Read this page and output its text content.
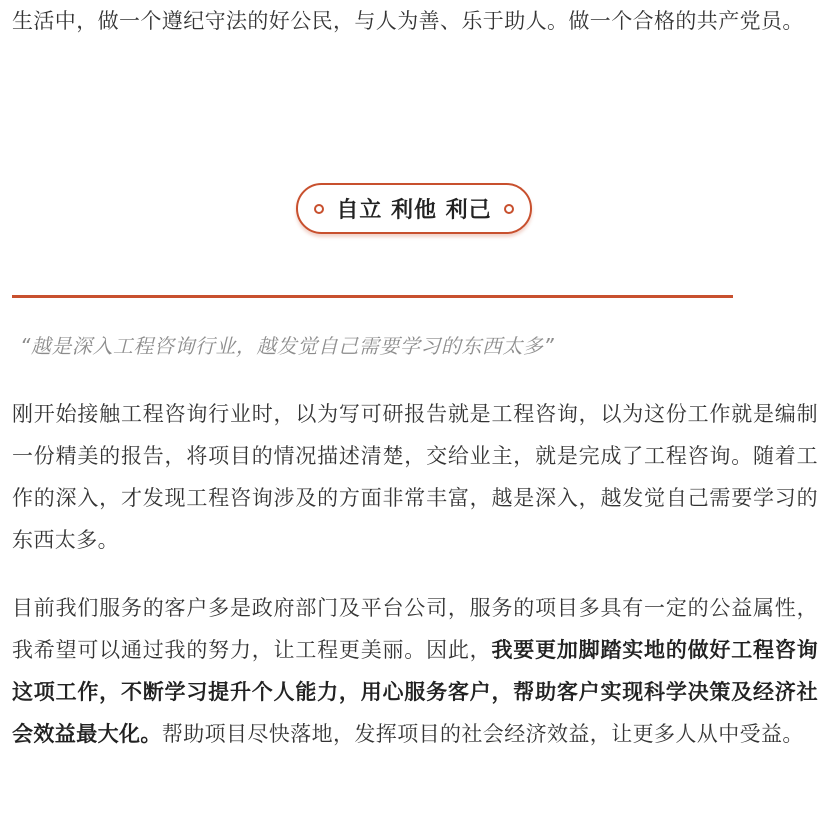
生活中，做一个遵纪守法的好公民，与人为善、乐于助人。做一个合格的共产党员。

自立 利他 利己
“越是深入工程咨询行业，越发觉自己需要学习的东西太多”

刚开始接触工程咨询行业时，以为写可研报告就是工程咨询，以为这份工作就是编制一份精美的报告，将项目的情况描述清楚，交给业主，就是完成了工程咨询。随着工作的深入，才发现工程咨询涉及的方面非常丰富，越是深入，越发觉自己需要学习的东西太多。

目前我们服务的客户多是政府部门及平台公司，服务的项目多具有一定的公益属性，我希望可以通过我的努力，让工程更美丽。因此，我要更加脚踏实地的做好工程咨询这项工作，不断学习提升个人能力，用心服务客户，帮助客户实现科学决策及经济社会效益最大化。帮助项目尽快落地，发挥项目的社会经济效益，让更多人从中受益。
